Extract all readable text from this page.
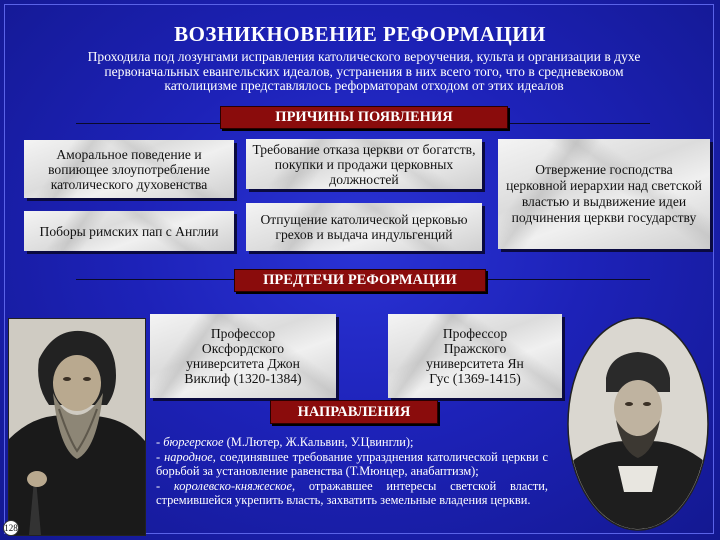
ВОЗНИКНОВЕНИЕ РЕФОРМАЦИИ
Проходила под лозунгами исправления католического вероучения, культа и организации в духе
первоначальных евангельских идеалов, устранения в них всего того, что в средневековом
католицизме представлялось реформаторам отходом от этих идеалов
ПРИЧИНЫ ПОЯВЛЕНИЯ
Аморальное поведение и вопиющее злоупотребление католического духовенства
Поборы римских пап с Англии
Требование отказа церкви от богатств, покупки и продажи церковных должностей
Отпущение католической церковью грехов и выдача индульгенций
Отвержение господства церковной иерархии над светской властью и выдвижение идеи подчинения церкви государству
ПРЕДТЕЧИ РЕФОРМАЦИИ
Профессор Оксфордского университета Джон Виклиф (1320-1384)
Профессор Пражского университета Ян Гус (1369-1415)
НАПРАВЛЕНИЯ
- бюргерское (М.Лютер, Ж.Кальвин, У.Цвингли);
- народное, соединявшее требование упразднения католической церкви с борьбой за установление равенства (Т.Мюнцер, анабаптизм);
- королевско-княжеское, отражавшее интересы светской власти, стремившейся укрепить власть, захватить земельные владения церкви.
128
